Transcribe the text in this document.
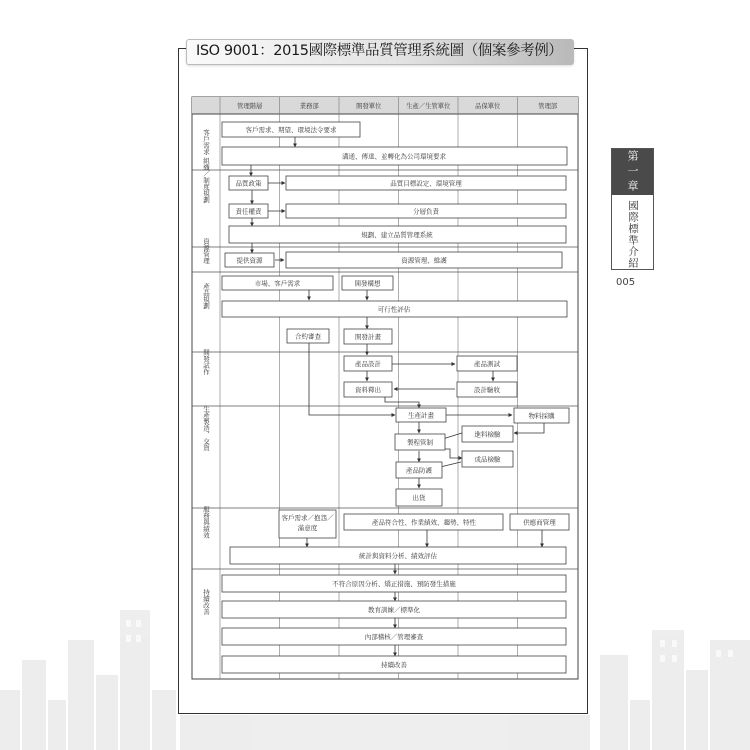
ISO 9001：2015國際標準品質管理系統圖（個案參考例）
管理階層	業務部	開發單位	生產／生管單位	品保單位	管理部
客戶需求
組織／制度規劃
資源管理
產品規劃
開發試作
生產製造、交貨
服務與績效
持續改善
客戶需求、期望、環境法令要求
溝通、傳達、並轉化為公司環境要求
品質政策	品質目標設定、環境管理
責任權責	分層負責
規劃、建立品質管理系統
提供資源	資源管理、維護
市場、客戶需求	開發構想
可行性評估
合約審查	開發計畫
產品設計	產品測試
資料釋出	設計驗收
生產計畫	物料採購
製程管制
進料檢驗
成品檢驗
產品防護
出貨
產品符合性、作業績效、趨勢、特性	供應商管理
統計與資料分析、績效評估
不符合原因分析、矯正措施、預防發生措施
教育訓練／標準化
內部稽核／管理審查
持續改善
客戶需求／抱怨／滿意度
第一章
國際標準介紹
005
